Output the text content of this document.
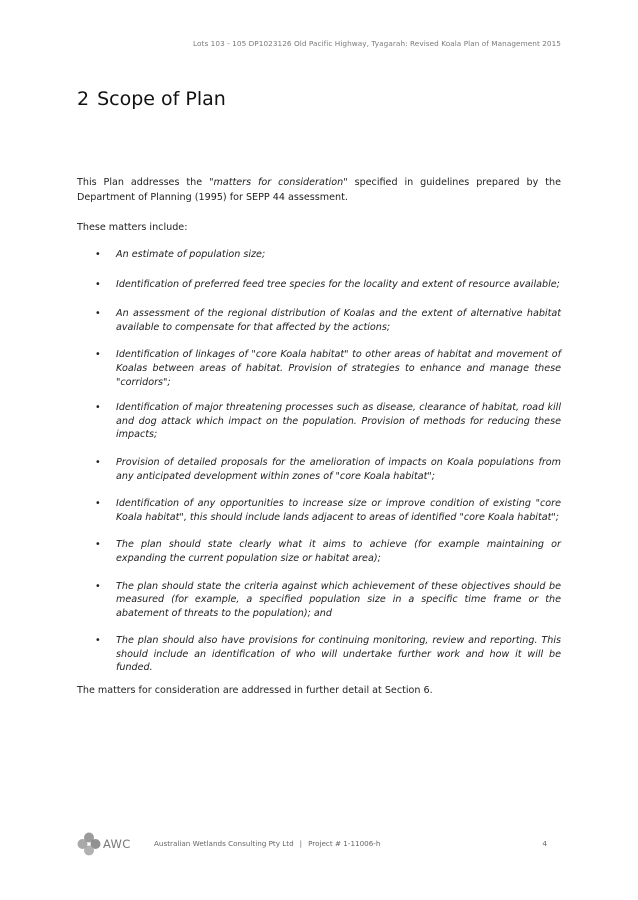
Lots 103 - 105 DP1023126 Old Pacific Highway, Tyagarah: Revised Koala Plan of Management 2015
2 Scope of Plan

This Plan addresses the "matters for consideration" specified in guidelines prepared by the Department of Planning (1995) for SEPP 44 assessment.

These matters include:

• An estimate of population size;
• Identification of preferred feed tree species for the locality and extent of resource available;
• An assessment of the regional distribution of Koalas and the extent of alternative habitat available to compensate for that affected by the actions;
• Identification of linkages of "core Koala habitat" to other areas of habitat and movement of Koalas between areas of habitat. Provision of strategies to enhance and manage these "corridors";
• Identification of major threatening processes such as disease, clearance of habitat, road kill and dog attack which impact on the population. Provision of methods for reducing these impacts;
• Provision of detailed proposals for the amelioration of impacts on Koala populations from any anticipated development within zones of "core Koala habitat";
• Identification of any opportunities to increase size or improve condition of existing "core Koala habitat", this should include lands adjacent to areas of identified "core Koala habitat";
• The plan should state clearly what it aims to achieve (for example maintaining or expanding the current population size or habitat area);
• The plan should state the criteria against which achievement of these objectives should be measured (for example, a specified population size in a specific time frame or the abatement of threats to the population); and
• The plan should also have provisions for continuing monitoring, review and reporting. This should include an identification of who will undertake further work and how it will be funded.

The matters for consideration are addressed in further detail at Section 6.

AWC	Australian Wetlands Consulting Pty Ltd | Project # 1-11006-h	4
